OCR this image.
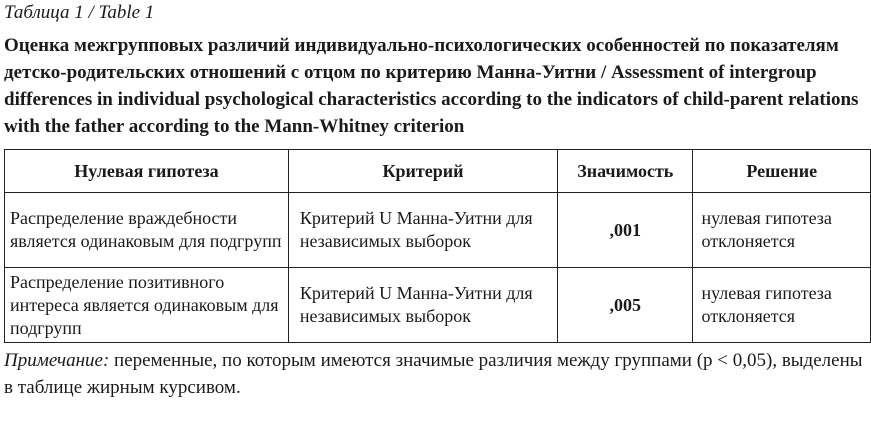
Таблица 1 / Table 1

Оценка межгрупповых различий индивидуально-психологических особенностей по показателям детско-родительских отношений с отцом по критерию Манна-Уитни / Assessment of intergroup differences in individual psychological characteristics according to the indicators of child-parent relations with the father according to the Mann-Whitney criterion

Нулевая гипотеза	Критерий	Значимость	Решение
Распределение враждебности является одинаковым для подгрупп	Критерий U Манна-Уитни для независимых выборок	,001	нулевая гипотеза отклоняется
Распределение позитивного интереса является одинаковым для подгрупп	Критерий U Манна-Уитни для независимых выборок	,005	нулевая гипотеза отклоняется

Примечание: переменные, по которым имеются значимые различия между группами (p < 0,05), выделены в таблице жирным курсивом.
